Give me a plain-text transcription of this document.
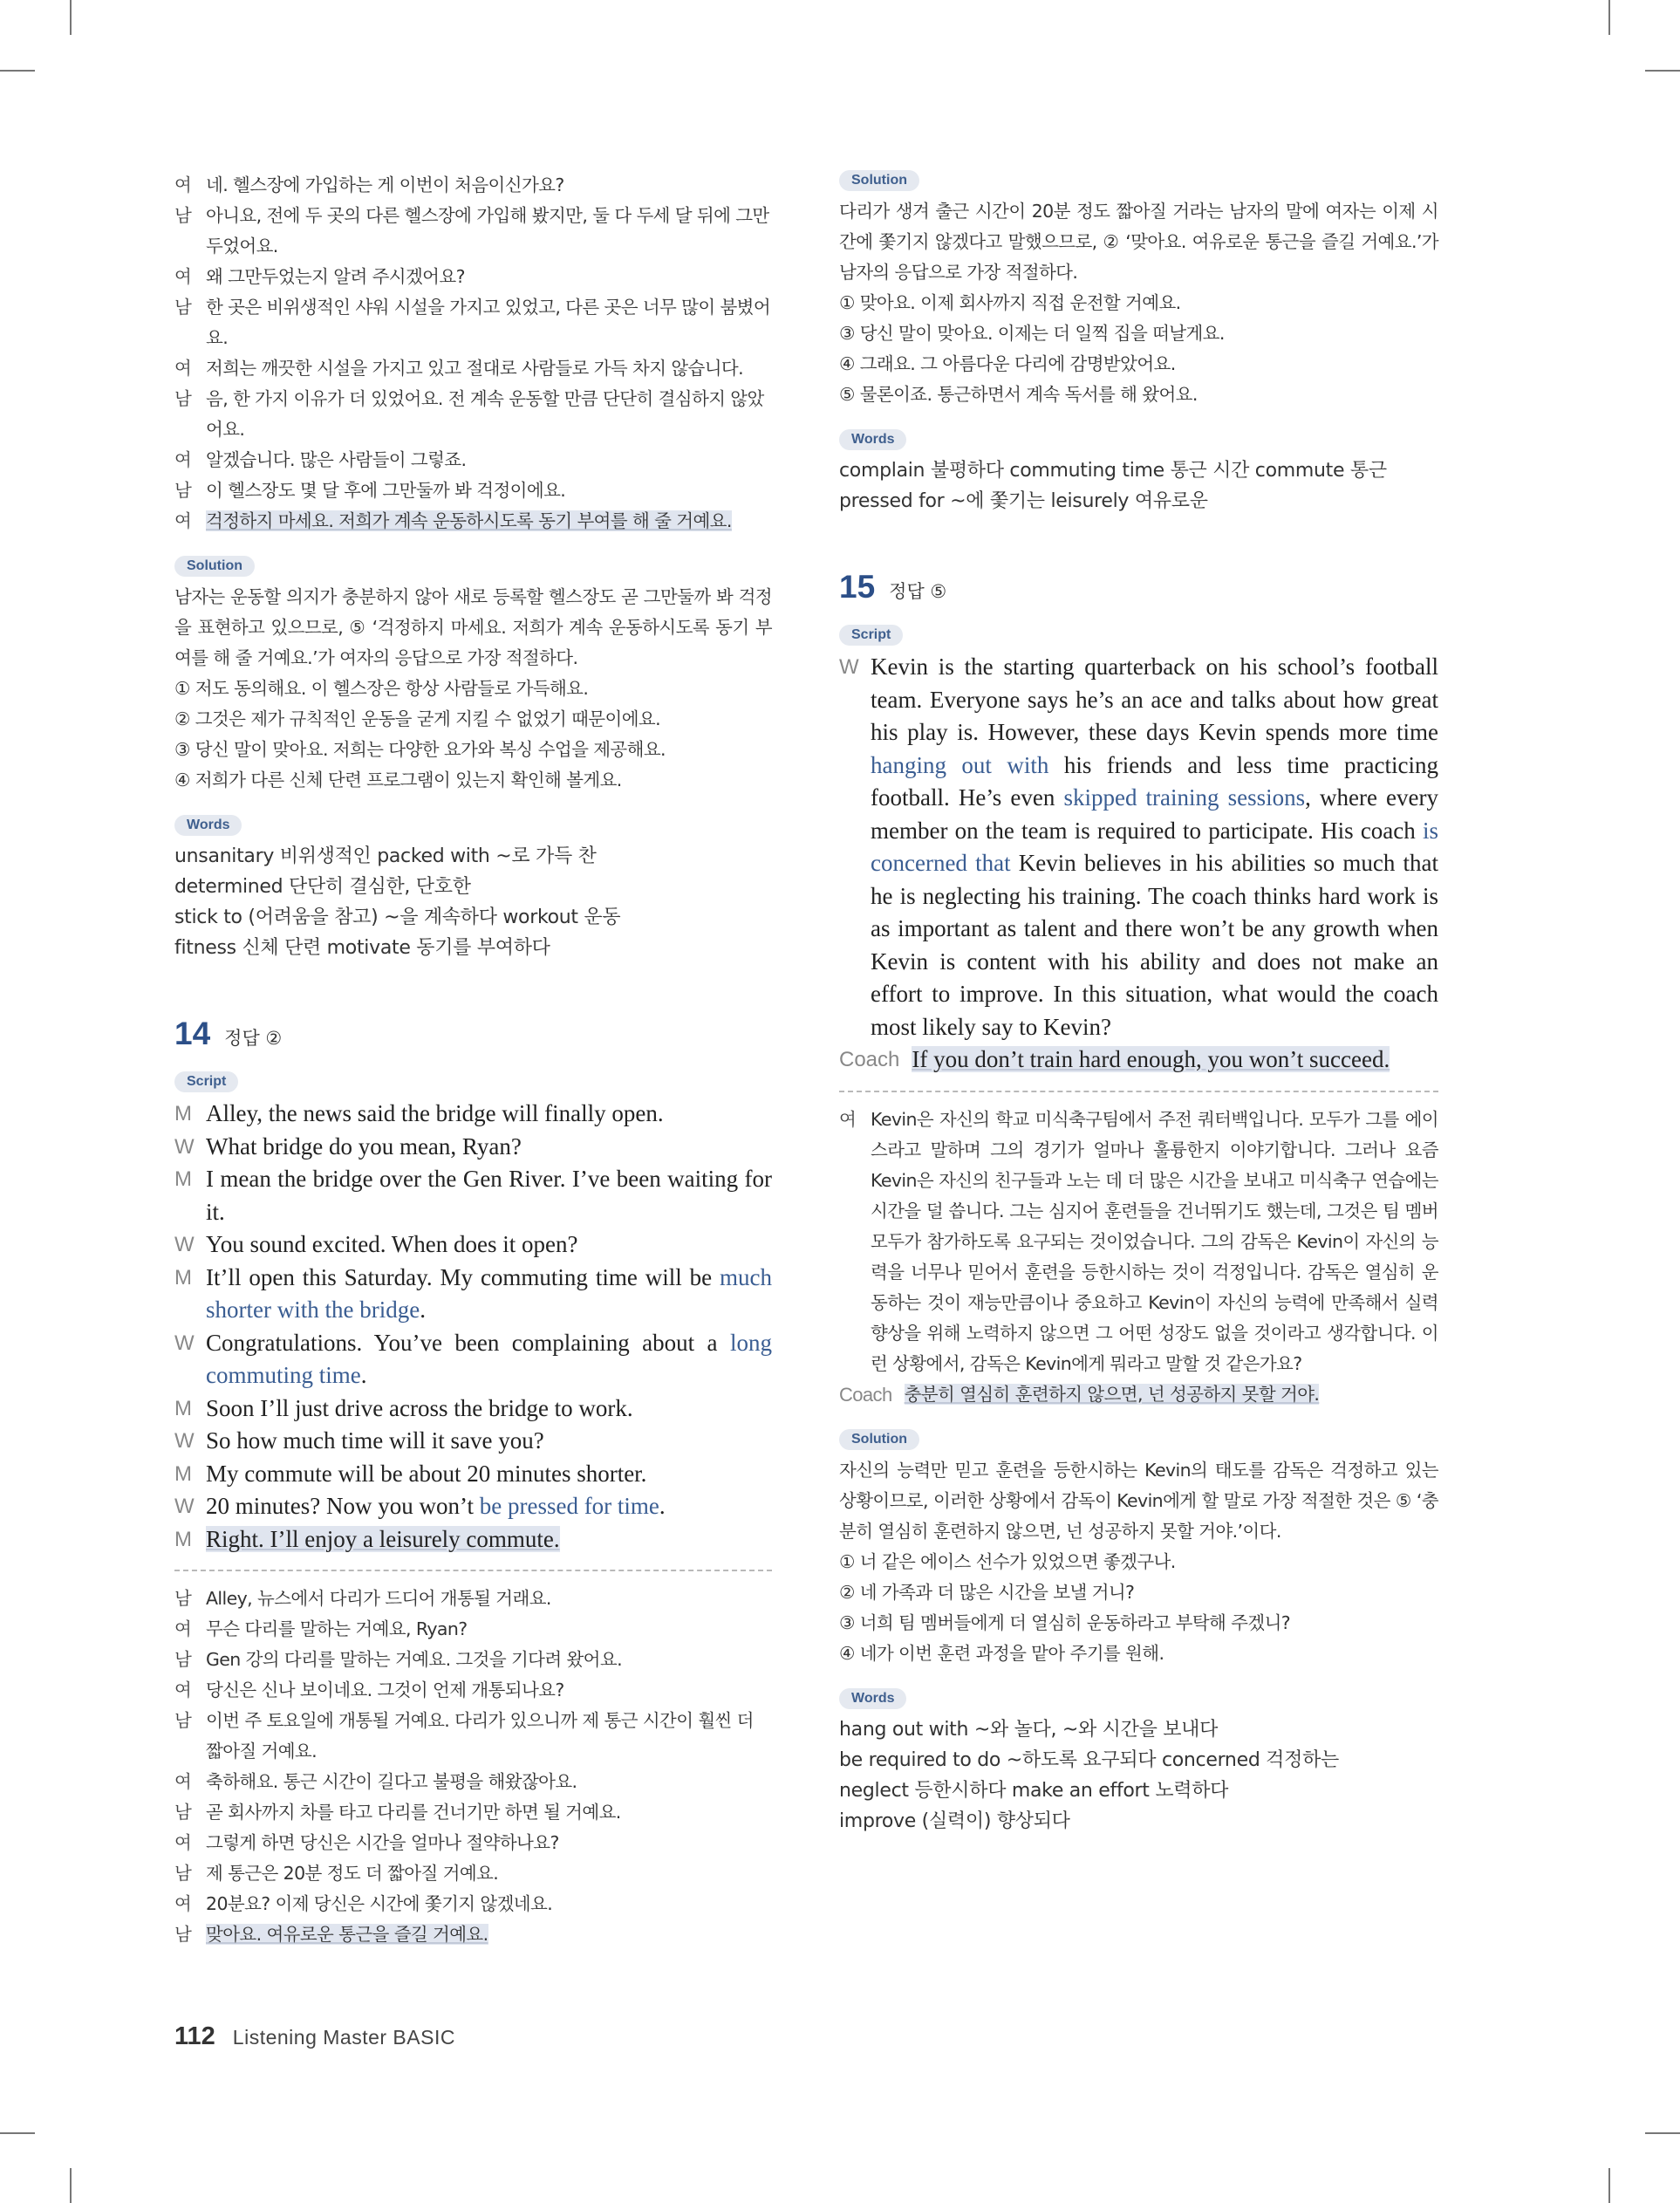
여 네. 헬스장에 가입하는 게 이번이 처음이신가요?
남 아니요, 전에 두 곳의 다른 헬스장에 가입해 봤지만, 둘 다 두세 달 뒤에 그만두었어요.
여 왜 그만두었는지 알려 주시겠어요?
남 한 곳은 비위생적인 샤워 시설을 가지고 있었고, 다른 곳은 너무 많이 붐볐어요.
여 저희는 깨끗한 시설을 가지고 있고 절대로 사람들로 가득 차지 않습니다.
남 음, 한 가지 이유가 더 있었어요. 전 계속 운동할 만큼 단단히 결심하지 않았어요.
여 알겠습니다. 많은 사람들이 그렇죠.
남 이 헬스장도 몇 달 후에 그만둘까 봐 걱정이에요.
여 걱정하지 마세요. 저희가 계속 운동하시도록 동기 부여를 해 줄 거예요.
Solution
남자는 운동할 의지가 충분하지 않아 새로 등록할 헬스장도 곧 그만둘까 봐 걱정을 표현하고 있으므로, ⑤ ‘걱정하지 마세요. 저희가 계속 운동하시도록 동기 부여를 해 줄 거예요.’가 여자의 응답으로 가장 적절하다.
① 저도 동의해요. 이 헬스장은 항상 사람들로 가득해요.
② 그것은 제가 규칙적인 운동을 굳게 지킬 수 없었기 때문이에요.
③ 당신 말이 맞아요. 저희는 다양한 요가와 복싱 수업을 제공해요.
④ 저희가 다른 신체 단련 프로그램이 있는지 확인해 볼게요.
Words
unsanitary 비위생적인 packed with ~로 가득 찬
determined 단단히 결심한, 단호한
stick to (어려움을 참고) ~을 계속하다 workout 운동
fitness 신체 단련 motivate 동기를 부여하다
14 정답 ②
Script
M Alley, the news said the bridge will finally open.
W What bridge do you mean, Ryan?
M I mean the bridge over the Gen River. I’ve been waiting for it.
W You sound excited. When does it open?
M It’ll open this Saturday. My commuting time will be much shorter with the bridge.
W Congratulations. You’ve been complaining about a long commuting time.
M Soon I’ll just drive across the bridge to work.
W So how much time will it save you?
M My commute will be about 20 minutes shorter.
W 20 minutes? Now you won’t be pressed for time.
M Right. I’ll enjoy a leisurely commute.
남 Alley, 뉴스에서 다리가 드디어 개통될 거래요.
여 무슨 다리를 말하는 거예요, Ryan?
남 Gen 강의 다리를 말하는 거예요. 그것을 기다려 왔어요.
여 당신은 신나 보이네요. 그것이 언제 개통되나요?
남 이번 주 토요일에 개통될 거예요. 다리가 있으니까 제 통근 시간이 훨씬 더 짧아질 거예요.
여 축하해요. 통근 시간이 길다고 불평을 해왔잖아요.
남 곧 회사까지 차를 타고 다리를 건너기만 하면 될 거예요.
여 그렇게 하면 당신은 시간을 얼마나 절약하나요?
남 제 통근은 20분 정도 더 짧아질 거예요.
여 20분요? 이제 당신은 시간에 쫓기지 않겠네요.
남 맞아요. 여유로운 통근을 즐길 거예요.
Solution
다리가 생겨 출근 시간이 20분 정도 짧아질 거라는 남자의 말에 여자는 이제 시간에 쫓기지 않겠다고 말했으므로, ② ‘맞아요. 여유로운 통근을 즐길 거예요.’가 남자의 응답으로 가장 적절하다.
① 맞아요. 이제 회사까지 직접 운전할 거예요.
③ 당신 말이 맞아요. 이제는 더 일찍 집을 떠날게요.
④ 그래요. 그 아름다운 다리에 감명받았어요.
⑤ 물론이죠. 통근하면서 계속 독서를 해 왔어요.
Words
complain 불평하다 commuting time 통근 시간 commute 통근
pressed for ~에 쫓기는 leisurely 여유로운
15 정답 ⑤
Script
W Kevin is the starting quarterback on his school’s football team. Everyone says he’s an ace and talks about how great his play is. However, these days Kevin spends more time hanging out with his friends and less time practicing football. He’s even skipped training sessions, where every member on the team is required to participate. His coach is concerned that Kevin believes in his abilities so much that he is neglecting his training. The coach thinks hard work is as important as talent and there won’t be any growth when Kevin is content with his ability and does not make an effort to improve. In this situation, what would the coach most likely say to Kevin?
Coach If you don’t train hard enough, you won’t succeed.
여 Kevin은 자신의 학교 미식축구팀에서 주전 쿼터백입니다. 모두가 그를 에이스라고 말하며 그의 경기가 얼마나 훌륭한지 이야기합니다. 그러나 요즘 Kevin은 자신의 친구들과 노는 데 더 많은 시간을 보내고 미식축구 연습에는 시간을 덜 씁니다. 그는 심지어 훈련들을 건너뛰기도 했는데, 그것은 팀 멤버 모두가 참가하도록 요구되는 것이었습니다. 그의 감독은 Kevin이 자신의 능력을 너무나 믿어서 훈련을 등한시하는 것이 걱정입니다. 감독은 열심히 운동하는 것이 재능만큼이나 중요하고 Kevin이 자신의 능력에 만족해서 실력 향상을 위해 노력하지 않으면 그 어떤 성장도 없을 것이라고 생각합니다. 이런 상황에서, 감독은 Kevin에게 뭐라고 말할 것 같은가요?
Coach 충분히 열심히 훈련하지 않으면, 넌 성공하지 못할 거야.
Solution
자신의 능력만 믿고 훈련을 등한시하는 Kevin의 태도를 감독은 걱정하고 있는 상황이므로, 이러한 상황에서 감독이 Kevin에게 할 말로 가장 적절한 것은 ⑤ ‘충분히 열심히 훈련하지 않으면, 넌 성공하지 못할 거야.’이다.
① 너 같은 에이스 선수가 있었으면 좋겠구나.
② 네 가족과 더 많은 시간을 보낼 거니?
③ 너희 팀 멤버들에게 더 열심히 운동하라고 부탁해 주겠니?
④ 네가 이번 훈련 과정을 맡아 주기를 원해.
Words
hang out with ~와 놀다, ~와 시간을 보내다
be required to do ~하도록 요구되다 concerned 걱정하는
neglect 등한시하다 make an effort 노력하다
improve (실력이) 향상되다
112 Listening Master BASIC
